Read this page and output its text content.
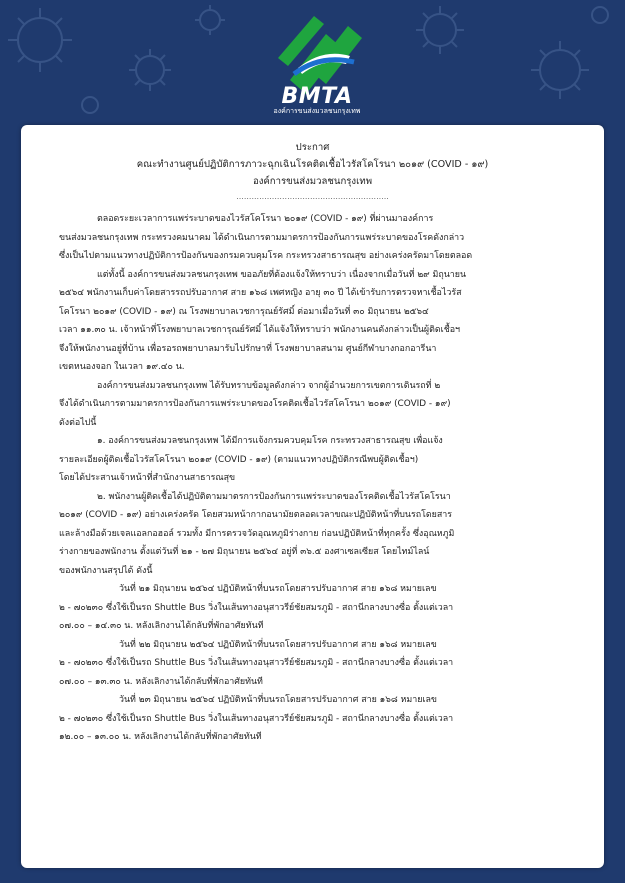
BMTA
องค์การขนส่งมวลชนกรุงเทพ
ประกาศ
คณะทำงานศูนย์ปฏิบัติการภาวะฉุกเฉินโรคติดเชื้อไวรัสโคโรนา ๒๐๑๙ (COVID - ๑๙)
องค์การขนส่งมวลชนกรุงเทพ
............................................................
ตลอดระยะเวลาการแพร่ระบาดของไวรัสโคโรนา ๒๐๑๙ (COVID - ๑๙) ที่ผ่านมาองค์การ
ขนส่งมวลชนกรุงเทพ กระทรวงคมนาคม ได้ดำเนินการตามมาตรการป้องกันการแพร่ระบาดของโรคดังกล่าว
ซึ่งเป็นไปตามแนวทางปฏิบัติการป้องกันของกรมควบคุมโรค กระทรวงสาธารณสุข อย่างเคร่งครัดมาโดยตลอด
แต่ทั้งนี้ องค์การขนส่งมวลชนกรุงเทพ ขออภัยที่ต้องแจ้งให้ทราบว่า เนื่องจากเมื่อวันที่ ๒๙ มิถุนายน
๒๕๖๔ พนักงานเก็บค่าโดยสารรถปรับอากาศ สาย ๑๖๘ เพศหญิง อายุ ๓๐ ปี ได้เข้ารับการตรวจหาเชื้อไวรัส
โคโรนา ๒๐๑๙ (COVID - ๑๙) ณ โรงพยาบาลเวชการุณย์รัศมิ์ ต่อมาเมื่อวันที่ ๓๐ มิถุนายน ๒๕๖๔
เวลา ๑๑.๓๐ น. เจ้าหน้าที่โรงพยาบาลเวชการุณย์รัศมิ์ ได้แจ้งให้ทราบว่า พนักงานคนดังกล่าวเป็นผู้ติดเชื้อฯ
จึงให้พนักงานอยู่ที่บ้าน เพื่อรอรถพยาบาลมารับไปรักษาที่ โรงพยาบาลสนาม ศูนย์กีฬาบางกอกอารีนา
เขตหนองจอก ในเวลา ๑๙.๔๐ น.
องค์การขนส่งมวลชนกรุงเทพ ได้รับทราบข้อมูลดังกล่าว จากผู้อำนวยการเขตการเดินรถที่ ๒
จึงได้ดำเนินการตามมาตรการป้องกันการแพร่ระบาดของโรคติดเชื้อไวรัสโคโรนา ๒๐๑๙ (COVID - ๑๙)
ดังต่อไปนี้
๑. องค์การขนส่งมวลชนกรุงเทพ ได้มีการแจ้งกรมควบคุมโรค กระทรวงสาธารณสุข เพื่อแจ้ง
รายละเอียดผู้ติดเชื้อไวรัสโคโรนา ๒๐๑๙ (COVID - ๑๙) (ตามแนวทางปฏิบัติกรณีพบผู้ติดเชื้อฯ)
โดยได้ประสานเจ้าหน้าที่สำนักงานสาธารณสุข
๒. พนักงานผู้ติดเชื้อได้ปฏิบัติตามมาตรการป้องกันการแพร่ระบาดของโรคติดเชื้อไวรัสโคโรนา
๒๐๑๙ (COVID - ๑๙) อย่างเคร่งครัด โดยสวมหน้ากากอนามัยตลอดเวลาขณะปฏิบัติหน้าที่บนรถโดยสาร
และล้างมือด้วยเจลแอลกอฮอล์ รวมทั้ง มีการตรวจวัดอุณหภูมิร่างกาย ก่อนปฏิบัติหน้าที่ทุกครั้ง ซึ่งอุณหภูมิ
ร่างกายของพนักงาน ตั้งแต่วันที่ ๒๑ - ๒๗ มิถุนายน ๒๕๖๔ อยู่ที่ ๓๖.๕ องศาเซลเซียส โดยไทม์ไลน์
ของพนักงานสรุปได้ ดังนี้
วันที่ ๒๑ มิถุนายน ๒๕๖๔ ปฏิบัติหน้าที่บนรถโดยสารปรับอากาศ สาย ๑๖๘ หมายเลข
๒ - ๗๐๒๓๐ ซึ่งใช้เป็นรถ Shuttle Bus วิ่งในเส้นทางอนุสาวรีย์ชัยสมรภูมิ - สถานีกลางบางซื่อ ตั้งแต่เวลา
๐๗.๐๐ – ๑๔.๓๐ น. หลังเลิกงานได้กลับที่พักอาศัยทันที
วันที่ ๒๒ มิถุนายน ๒๕๖๔ ปฏิบัติหน้าที่บนรถโดยสารปรับอากาศ สาย ๑๖๘ หมายเลข
๒ - ๗๐๒๓๐ ซึ่งใช้เป็นรถ Shuttle Bus วิ่งในเส้นทางอนุสาวรีย์ชัยสมรภูมิ - สถานีกลางบางซื่อ ตั้งแต่เวลา
๐๗.๐๐ – ๑๓.๓๐ น. หลังเลิกงานได้กลับที่พักอาศัยทันที
วันที่ ๒๓ มิถุนายน ๒๕๖๔ ปฏิบัติหน้าที่บนรถโดยสารปรับอากาศ สาย ๑๖๘ หมายเลข
๒ - ๗๐๒๓๐ ซึ่งใช้เป็นรถ Shuttle Bus วิ่งในเส้นทางอนุสาวรีย์ชัยสมรภูมิ - สถานีกลางบางซื่อ ตั้งแต่เวลา
๑๒.๐๐ – ๑๓.๐๐ น. หลังเลิกงานได้กลับที่พักอาศัยทันที
